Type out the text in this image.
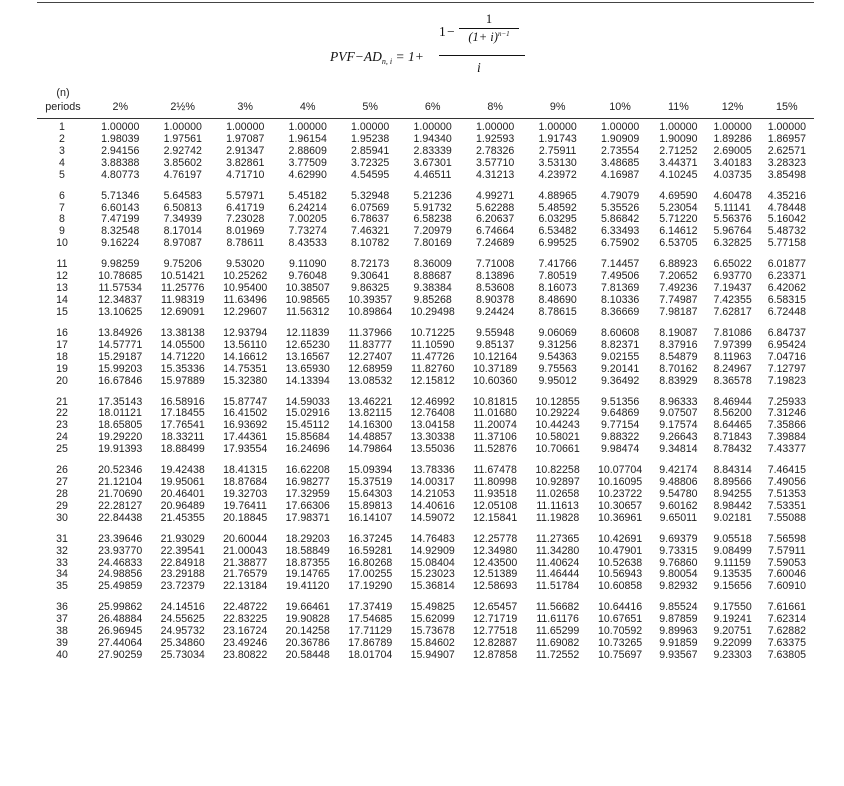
$PVF-AD_{n, i} = 1+$
1 −
1
$(1+ i)^{n-1}$
i
(n)												
periods	2%	2½%	3%	4%	5%	6%	8%	9%	10%	11%	12%	15%
1	1.00000	1.00000	1.00000	1.00000	1.00000	1.00000	1.00000	1.00000	1.00000	1.00000	1.00000	1.00000
2	1.98039	1.97561	1.97087	1.96154	1.95238	1.94340	1.92593	1.91743	1.90909	1.90090	1.89286	1.86957
3	2.94156	2.92742	2.91347	2.88609	2.85941	2.83339	2.78326	2.75911	2.73554	2.71252	2.69005	2.62571
4	3.88388	3.85602	3.82861	3.77509	3.72325	3.67301	3.57710	3.53130	3.48685	3.44371	3.40183	3.28323
5	4.80773	4.76197	4.71710	4.62990	4.54595	4.46511	4.31213	4.23972	4.16987	4.10245	4.03735	3.85498

6	5.71346	5.64583	5.57971	5.45182	5.32948	5.21236	4.99271	4.88965	4.79079	4.69590	4.60478	4.35216
7	6.60143	6.50813	6.41719	6.24214	6.07569	5.91732	5.62288	5.48592	5.35526	5.23054	5.11141	4.78448
8	7.47199	7.34939	7.23028	7.00205	6.78637	6.58238	6.20637	6.03295	5.86842	5.71220	5.56376	5.16042
9	8.32548	8.17014	8.01969	7.73274	7.46321	7.20979	6.74664	6.53482	6.33493	6.14612	5.96764	5.48732
10	9.16224	8.97087	8.78611	8.43533	8.10782	7.80169	7.24689	6.99525	6.75902	6.53705	6.32825	5.77158

11	9.98259	9.75206	9.53020	9.11090	8.72173	8.36009	7.71008	7.41766	7.14457	6.88923	6.65022	6.01877
12	10.78685	10.51421	10.25262	9.76048	9.30641	8.88687	8.13896	7.80519	7.49506	7.20652	6.93770	6.23371
13	11.57534	11.25776	10.95400	10.38507	9.86325	9.38384	8.53608	8.16073	7.81369	7.49236	7.19437	6.42062
14	12.34837	11.98319	11.63496	10.98565	10.39357	9.85268	8.90378	8.48690	8.10336	7.74987	7.42355	6.58315
15	13.10625	12.69091	12.29607	11.56312	10.89864	10.29498	9.24424	8.78615	8.36669	7.98187	7.62817	6.72448

16	13.84926	13.38138	12.93794	12.11839	11.37966	10.71225	9.55948	9.06069	8.60608	8.19087	7.81086	6.84737
17	14.57771	14.05500	13.56110	12.65230	11.83777	11.10590	9.85137	9.31256	8.82371	8.37916	7.97399	6.95424
18	15.29187	14.71220	14.16612	13.16567	12.27407	11.47726	10.12164	9.54363	9.02155	8.54879	8.11963	7.04716
19	15.99203	15.35336	14.75351	13.65930	12.68959	11.82760	10.37189	9.75563	9.20141	8.70162	8.24967	7.12797
20	16.67846	15.97889	15.32380	14.13394	13.08532	12.15812	10.60360	9.95012	9.36492	8.83929	8.36578	7.19823

21	17.35143	16.58916	15.87747	14.59033	13.46221	12.46992	10.81815	10.12855	9.51356	8.96333	8.46944	7.25933
22	18.01121	17.18455	16.41502	15.02916	13.82115	12.76408	11.01680	10.29224	9.64869	9.07507	8.56200	7.31246
23	18.65805	17.76541	16.93692	15.45112	14.16300	13.04158	11.20074	10.44243	9.77154	9.17574	8.64465	7.35866
24	19.29220	18.33211	17.44361	15.85684	14.48857	13.30338	11.37106	10.58021	9.88322	9.26643	8.71843	7.39884
25	19.91393	18.88499	17.93554	16.24696	14.79864	13.55036	11.52876	10.70661	9.98474	9.34814	8.78432	7.43377

26	20.52346	19.42438	18.41315	16.62208	15.09394	13.78336	11.67478	10.82258	10.07704	9.42174	8.84314	7.46415
27	21.12104	19.95061	18.87684	16.98277	15.37519	14.00317	11.80998	10.92897	10.16095	9.48806	8.89566	7.49056
28	21.70690	20.46401	19.32703	17.32959	15.64303	14.21053	11.93518	11.02658	10.23722	9.54780	8.94255	7.51353
29	22.28127	20.96489	19.76411	17.66306	15.89813	14.40616	12.05108	11.11613	10.30657	9.60162	8.98442	7.53351
30	22.84438	21.45355	20.18845	17.98371	16.14107	14.59072	12.15841	11.19828	10.36961	9.65011	9.02181	7.55088

31	23.39646	21.93029	20.60044	18.29203	16.37245	14.76483	12.25778	11.27365	10.42691	9.69379	9.05518	7.56598
32	23.93770	22.39541	21.00043	18.58849	16.59281	14.92909	12.34980	11.34280	10.47901	9.73315	9.08499	7.57911
33	24.46833	22.84918	21.38877	18.87355	16.80268	15.08404	12.43500	11.40624	10.52638	9.76860	9.11159	7.59053
34	24.98856	23.29188	21.76579	19.14765	17.00255	15.23023	12.51389	11.46444	10.56943	9.80054	9.13535	7.60046
35	25.49859	23.72379	22.13184	19.41120	17.19290	15.36814	12.58693	11.51784	10.60858	9.82932	9.15656	7.60910

36	25.99862	24.14516	22.48722	19.66461	17.37419	15.49825	12.65457	11.56682	10.64416	9.85524	9.17550	7.61661
37	26.48884	24.55625	22.83225	19.90828	17.54685	15.62099	12.71719	11.61176	10.67651	9.87859	9.19241	7.62314
38	26.96945	24.95732	23.16724	20.14258	17.71129	15.73678	12.77518	11.65299	10.70592	9.89963	9.20751	7.62882
39	27.44064	25.34860	23.49246	20.36786	17.86789	15.84602	12.82887	11.69082	10.73265	9.91859	9.22099	7.63375
40	27.90259	25.73034	23.80822	20.58448	18.01704	15.94907	12.87858	11.72552	10.75697	9.93567	9.23303	7.63805
